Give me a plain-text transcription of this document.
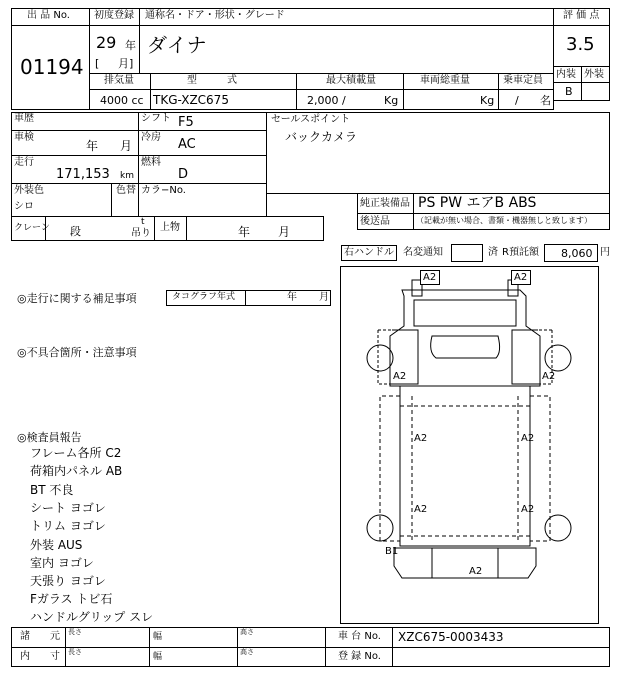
出 品 No.
01194
初度登録 通称名・ドア・形状・グレード
29 年
[ 月]
ダイナ
評 価 点
3.5
内装 外装
B
排気量	型　　　式	最大積載量	車両総重量	乗車定員
4000 cc TKG-XZC675	2,000 /	Kg	Kg / 名
車歴	シフト F5
車検
年 月
冷房 AC
走行
171,153 km
燃料
D
外装色
シロ
色替 カラ−No.
セールスポイント
バックカメラ
純正装備品 PS PW エアB ABS
後送品	（記載が無い場合、書類・機器無しと致します）
クレーン 段
t
吊り
上物	年 月
右ハンドル 名変通知	済 R預託額 8,060 円
◎走行に関する補足事項	タコグラフ年式	年 月
◎不具合箇所・注意事項
◎検査員報告
フレーム各所 C2
荷箱内パネル AB
BT 不良
シート ヨゴレ
トリム ヨゴレ
外装 AUS
室内 ヨゴレ
天張り ヨゴレ
Fガラス トビ石
ハンドルグリップ スレ
A2	A2
A2	A2
A2	A2
A2	A2
B1
A2
諸　　元
内　　寸
長さ
長さ
幅
幅
高さ
高さ
車 台 No. XZC675-0003433
登 録 No.
